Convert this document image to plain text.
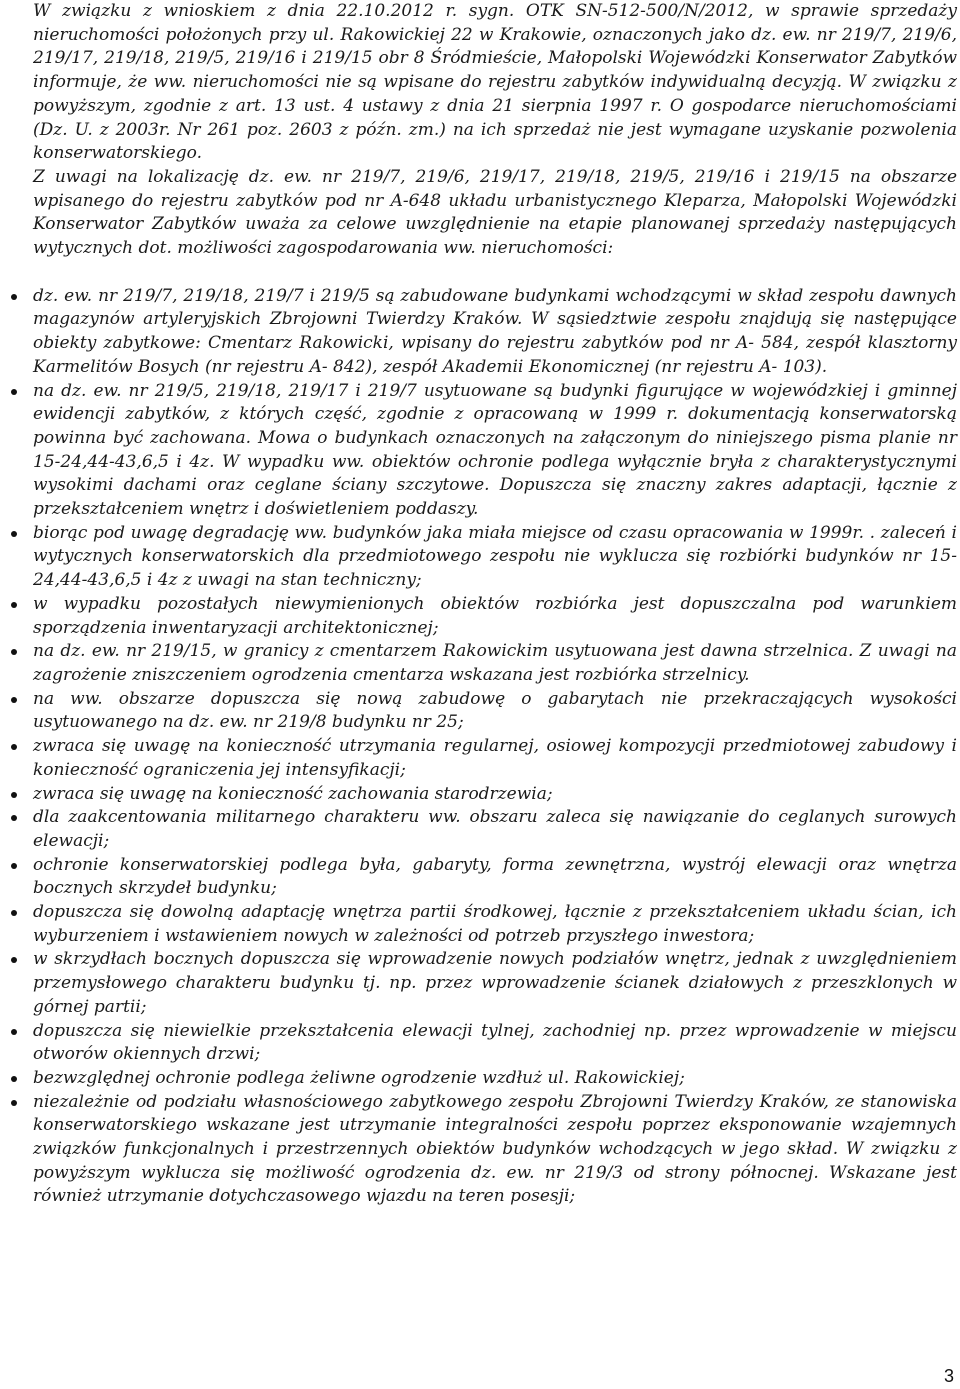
W związku z wnioskiem z dnia 22.10.2012 r. sygn. OTK SN-512-500/N/2012, w sprawie sprzedaży nieruchomości położonych przy ul. Rakowickiej 22 w Krakowie, oznaczonych jako dz. ew. nr 219/7, 219/6, 219/17, 219/18, 219/5, 219/16 i 219/15 obr 8 Śródmieście, Małopolski Wojewódzki Konserwator Zabytków informuje, że ww. nieruchomości nie są wpisane do rejestru zabytków indywidualną decyzją. W związku z powyższym, zgodnie z art. 13 ust. 4 ustawy z dnia 21 sierpnia 1997 r. O gospodarce nieruchomościami (Dz. U. z 2003r. Nr 261 poz. 2603 z późn. zm.) na ich sprzedaż nie jest wymagane uzyskanie pozwolenia konserwatorskiego.

Z uwagi na lokalizację dz. ew. nr 219/7, 219/6, 219/17, 219/18, 219/5, 219/16 i 219/15 na obszarze wpisanego do rejestru zabytków pod nr A-648 układu urbanistycznego Kleparza, Małopolski Wojewódzki Konserwator Zabytków uważa za celowe uwzględnienie na etapie planowanej sprzedaży następujących wytycznych dot. możliwości zagospodarowania ww. nieruchomości:

dz. ew. nr 219/7, 219/18, 219/7 i 219/5 są zabudowane budynkami wchodzącymi w skład zespołu dawnych magazynów artyleryjskich Zbrojowni Twierdzy Kraków. W sąsiedztwie zespołu znajdują się następujące obiekty zabytkowe: Cmentarz Rakowicki, wpisany do rejestru zabytków pod nr A- 584, zespół klasztorny Karmelitów Bosych (nr rejestru A- 842), zespół Akademii Ekonomicznej (nr rejestru A- 103).
na dz. ew. nr 219/5, 219/18, 219/17 i 219/7 usytuowane są budynki figurujące w wojewódzkiej i gminnej ewidencji zabytków, z których część, zgodnie z opracowaną w 1999 r. dokumentacją konserwatorską powinna być zachowana. Mowa o budynkach oznaczonych na załączonym do niniejszego pisma planie nr 15-24,44-43,6,5 i 4z. W wypadku ww. obiektów ochronie podlega wyłącznie bryła z charakterystycznymi wysokimi dachami oraz ceglane ściany szczytowe. Dopuszcza się znaczny zakres adaptacji, łącznie z przekształceniem wnętrz i doświetleniem poddaszy.
biorąc pod uwagę degradację ww. budynków jaka miała miejsce od czasu opracowania w 1999r. . zaleceń i wytycznych konserwatorskich dla przedmiotowego zespołu nie wyklucza się rozbiórki budynków nr 15-24,44-43,6,5 i 4z z uwagi na stan techniczny;
w wypadku pozostałych niewymienionych obiektów rozbiórka jest dopuszczalna pod warunkiem sporządzenia inwentaryzacji architektonicznej;
na dz. ew. nr 219/15, w granicy z cmentarzem Rakowickim usytuowana jest dawna strzelnica. Z uwagi na zagrożenie zniszczeniem ogrodzenia cmentarza wskazana jest rozbiórka strzelnicy.
na ww. obszarze dopuszcza się nową zabudowę o gabarytach nie przekraczających wysokości usytuowanego na dz. ew. nr 219/8 budynku nr 25;
zwraca się uwagę na konieczność utrzymania regularnej, osiowej kompozycji przedmiotowej zabudowy i konieczność ograniczenia jej intensyfikacji;
zwraca się uwagę na konieczność zachowania starodrzewia;
dla zaakcentowania militarnego charakteru ww. obszaru zaleca się nawiązanie do ceglanych surowych elewacji;
ochronie konserwatorskiej podlega była, gabaryty, forma zewnętrzna, wystrój elewacji oraz wnętrza bocznych skrzydeł budynku;
dopuszcza się dowolną adaptację wnętrza partii środkowej, łącznie z przekształceniem układu ścian, ich wyburzeniem i wstawieniem nowych w zależności od potrzeb przyszłego inwestora;
w skrzydłach bocznych dopuszcza się wprowadzenie nowych podziałów wnętrz, jednak z uwzględnieniem przemysłowego charakteru budynku tj. np. przez wprowadzenie ścianek działowych z przeszklonych w górnej partii;
dopuszcza się niewielkie przekształcenia elewacji tylnej, zachodniej np. przez wprowadzenie w miejscu otworów okiennych drzwi;
bezwzględnej ochronie podlega żeliwne ogrodzenie wzdłuż ul. Rakowickiej;
niezależnie od podziału własnościowego zabytkowego zespołu Zbrojowni Twierdzy Kraków, ze stanowiska konserwatorskiego wskazane jest utrzymanie integralności zespołu poprzez eksponowanie wzajemnych związków funkcjonalnych i przestrzennych obiektów budynków wchodzących w jego skład. W związku z powyższym wyklucza się możliwość ogrodzenia dz. ew. nr 219/3 od strony północnej. Wskazane jest również utrzymanie dotychczasowego wjazdu na teren posesji;
3
